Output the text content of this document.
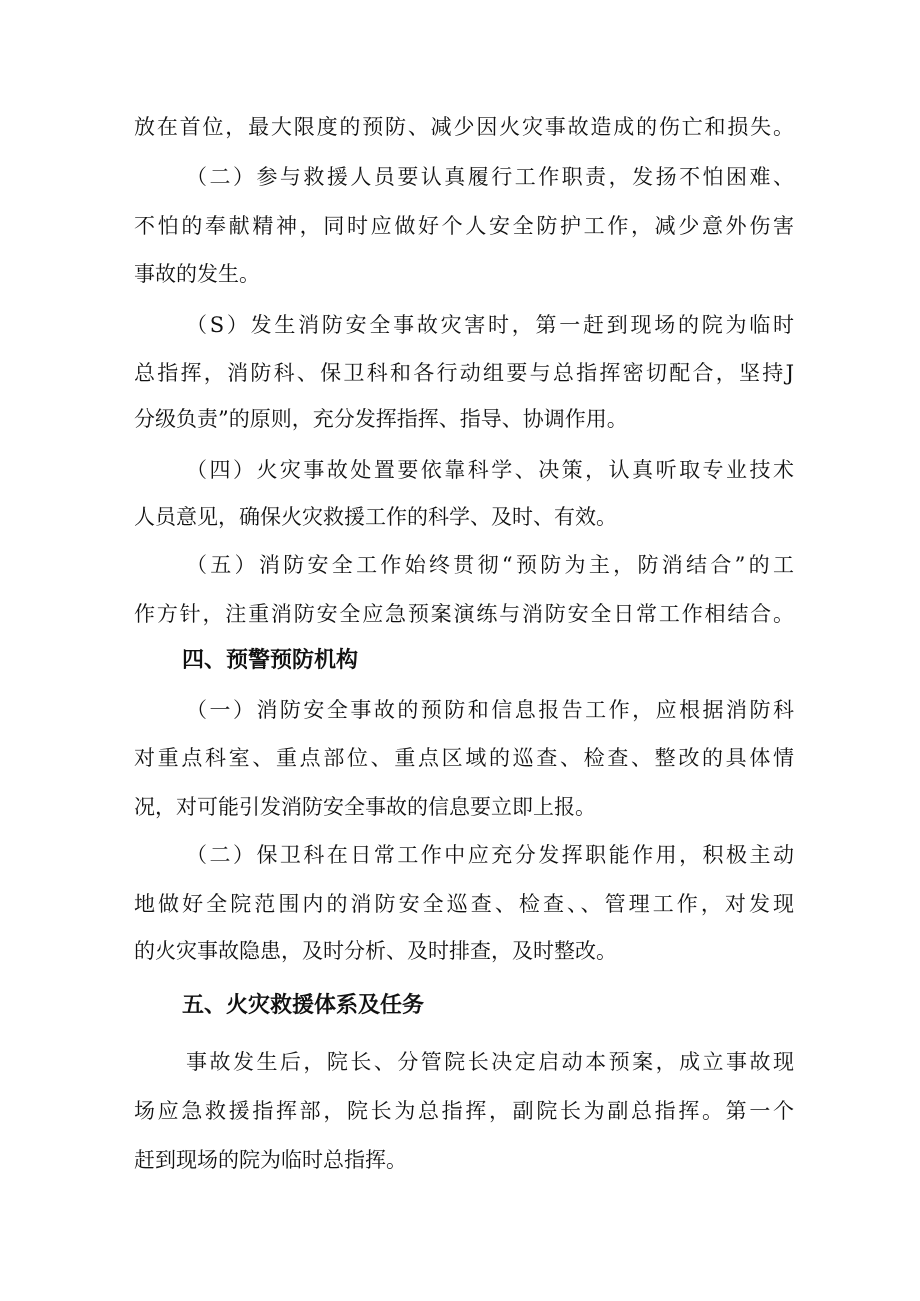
放在首位，最大限度的预防、减少因火灾事故造成的伤亡和损失。
（二）参与救援人员要认真履行工作职责，发扬不怕困难、
不怕的奉献精神，同时应做好个人安全防护工作，减少意外伤害
事故的发生。
（S）发生消防安全事故灾害时，第一赶到现场的院为临时
总指挥，消防科、保卫科和各行动组要与总指挥密切配合，坚持J
分级负责”的原则，充分发挥指挥、指导、协调作用。
（四）火灾事故处置要依靠科学、决策，认真听取专业技术
人员意见，确保火灾救援工作的科学、及时、有效。
（五）消防安全工作始终贯彻“预防为主，防消结合”的工
作方针，注重消防安全应急预案演练与消防安全日常工作相结合。
四、预警预防机构
（一）消防安全事故的预防和信息报告工作，应根据消防科
对重点科室、重点部位、重点区域的巡查、检查、整改的具体情
况，对可能引发消防安全事故的信息要立即上报。
（二）保卫科在日常工作中应充分发挥职能作用，积极主动
地做好全院范围内的消防安全巡查、检查、、管理工作，对发现
的火灾事故隐患，及时分析、及时排查，及时整改。
五、火灾救援体系及任务
事故发生后，院长、分管院长决定启动本预案，成立事故现
场应急救援指挥部，院长为总指挥，副院长为副总指挥。第一个
赶到现场的院为临时总指挥。
